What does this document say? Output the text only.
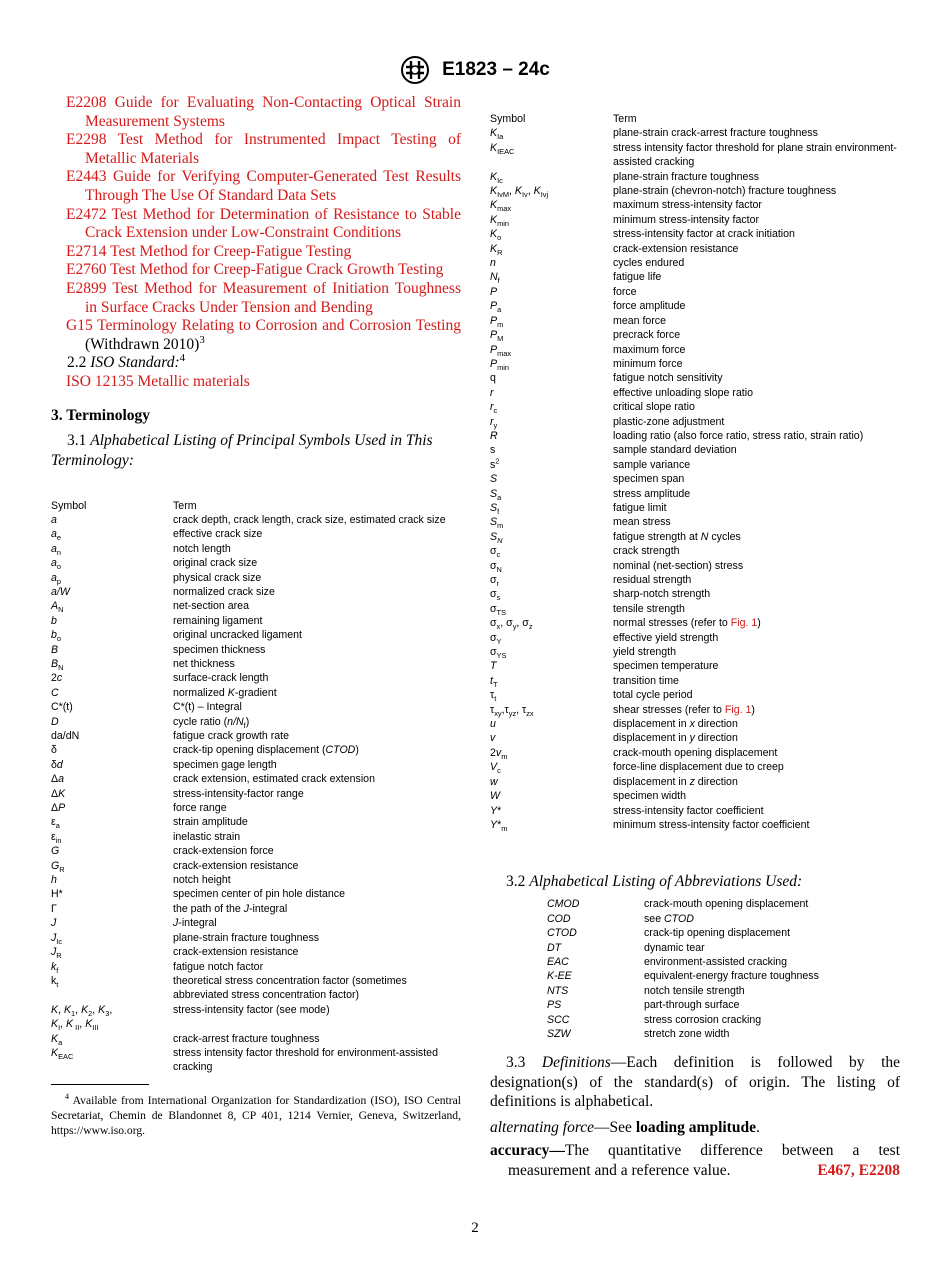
E1823 – 24c

E2208 Guide for Evaluating Non-Contacting Optical Strain Measurement Systems

E2298 Test Method for Instrumented Impact Testing of Metallic Materials

E2443 Guide for Verifying Computer-Generated Test Results Through The Use Of Standard Data Sets

E2472 Test Method for Determination of Resistance to Stable Crack Extension under Low-Constraint Conditions

E2714 Test Method for Creep-Fatigue Testing

E2760 Test Method for Creep-Fatigue Crack Growth Testing

E2899 Test Method for Measurement of Initiation Toughness in Surface Cracks Under Tension and Bending

G15 Terminology Relating to Corrosion and Corrosion Testing (Withdrawn 2010)$^3$

2.2 ISO Standard:$^4$

ISO 12135 Metallic materials

3. Terminology

3.1 Alphabetical Listing of Principal Symbols Used in This Terminology:

Symbol	Term
a	crack depth, crack length, crack size, estimated crack size
$a_e$	effective crack size
$a_n$	notch length
$a_o$	original crack size
$a_p$	physical crack size
a/W	normalized crack size
$A_N$	net-section area
b	remaining ligament
$b_o$	original uncracked ligament
B	specimen thickness
$B_N$	net thickness
2c	surface-crack length
C	normalized K-gradient
C*(t)	C*(t) – Integral
D	cycle ratio $(n/N_f)$
da/dN	fatigue crack growth rate
δ	crack-tip opening displacement (CTOD)
δd	specimen gage length
Δa	crack extension, estimated crack extension
ΔK	stress-intensity-factor range
ΔP	force range
$\varepsilon_a$	strain amplitude
$\varepsilon_{in}$	inelastic strain
G	crack-extension force
$G_R$	crack-extension resistance
h	notch height
H*	specimen center of pin hole distance
Γ	the path of the J-integral
J	J-integral
$J_{Ic}$	plane-strain fracture toughness
$J_R$	crack-extension resistance
$k_f$	fatigue notch factor
$k_t$	theoretical stress concentration factor (sometimes abbreviated stress concentration factor)
K, $K_1$, $K_2$, $K_3$,
$K_I$, K $_{II}$, $K_{III}$	stress-intensity factor (see mode)
$K_a$	crack-arrest fracture toughness
$K_{EAC}$	stress intensity factor threshold for environment-assisted cracking
$^4$ Available from International Organization for Standardization (ISO), ISO Central Secretariat, Chemin de Blandonnet 8, CP 401, 1214 Vernier, Geneva, Switzerland, https://www.iso.org.
Symbol	Term
$K_{Ia}$	plane-strain crack-arrest fracture toughness
$K_{IEAC}$	stress intensity factor threshold for plane strain environment-assisted cracking
$K_{Ic}$	plane-strain fracture toughness
$K_{IvM}$, $K_{Iv}$, $K_{Ivj}$	plane-strain (chevron-notch) fracture toughness
$K_{max}$	maximum stress-intensity factor
$K_{min}$	minimum stress-intensity factor
$K_o$	stress-intensity factor at crack initiation
$K_R$	crack-extension resistance
n	cycles endured
$N_f$	fatigue life
P	force
$P_a$	force amplitude
$P_m$	mean force
$P_M$	precrack force
$P_{max}$	maximum force
$P_{min}$	minimum force
q	fatigue notch sensitivity
r	effective unloading slope ratio
$r_c$	critical slope ratio
$r_y$	plastic-zone adjustment
R	loading ratio (also force ratio, stress ratio, strain ratio)
s	sample standard deviation
$s^2$	sample variance
S	specimen span
$S_a$	stress amplitude
$S_f$	fatigue limit
$S_m$	mean stress
$S_N$	fatigue strength at N cycles
$\sigma_c$	crack strength
$\sigma_N$	nominal (net-section) stress
$\sigma_r$	residual strength
$\sigma_s$	sharp-notch strength
$\sigma_{TS}$	tensile strength
$\sigma_x$, $\sigma_y$, $\sigma_z$	normal stresses (refer to Fig. 1)
$\sigma_Y$	effective yield strength
$\sigma_{YS}$	yield strength
T	specimen temperature
$t_T$	transition time
$\tau_t$	total cycle period
$\tau_{xy},\tau_{yz}$, $\tau_{zx}$	shear stresses (refer to Fig. 1)
u	displacement in x direction
v	displacement in y direction
$2v_m$	crack-mouth opening displacement
$V_c$	force-line displacement due to creep
w	displacement in z direction
W	specimen width
Y*	stress-intensity factor coefficient
$Y*_m$	minimum stress-intensity factor coefficient

3.2 Alphabetical Listing of Abbreviations Used:

CMOD	crack-mouth opening displacement
COD	see CTOD
CTOD	crack-tip opening displacement
DT	dynamic tear
EAC	environment-assisted cracking
K-EE	equivalent-energy fracture toughness
NTS	notch tensile strength
PS	part-through surface
SCC	stress corrosion cracking
SZW	stretch zone width

3.3 Definitions—Each definition is followed by the designation(s) of the standard(s) of origin. The listing of definitions is alphabetical.

alternating force—See loading amplitude.

accuracy—The quantitative difference between a test measurement and a reference value.	E467, E2208

2
